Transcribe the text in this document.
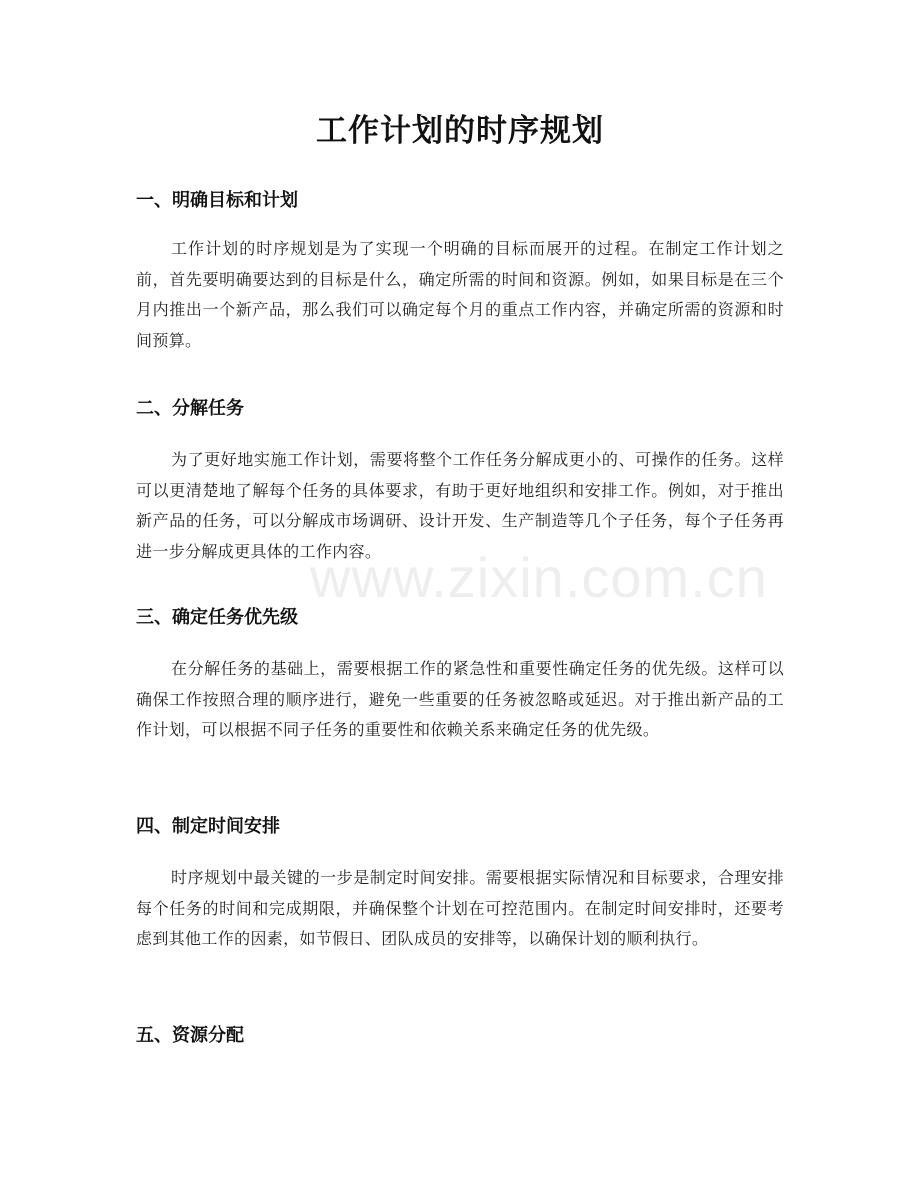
工作计划的时序规划
一、明确目标和计划
工作计划的时序规划是为了实现一个明确的目标而展开的过程。在制定工作计划之前，首先要明确要达到的目标是什么，确定所需的时间和资源。例如，如果目标是在三个月内推出一个新产品，那么我们可以确定每个月的重点工作内容，并确定所需的资源和时间预算。
二、分解任务
为了更好地实施工作计划，需要将整个工作任务分解成更小的、可操作的任务。这样可以更清楚地了解每个任务的具体要求，有助于更好地组织和安排工作。例如，对于推出新产品的任务，可以分解成市场调研、设计开发、生产制造等几个子任务，每个子任务再进一步分解成更具体的工作内容。
三、确定任务优先级
在分解任务的基础上，需要根据工作的紧急性和重要性确定任务的优先级。这样可以确保工作按照合理的顺序进行，避免一些重要的任务被忽略或延迟。对于推出新产品的工作计划，可以根据不同子任务的重要性和依赖关系来确定任务的优先级。
四、制定时间安排
时序规划中最关键的一步是制定时间安排。需要根据实际情况和目标要求，合理安排每个任务的时间和完成期限，并确保整个计划在可控范围内。在制定时间安排时，还要考虑到其他工作的因素，如节假日、团队成员的安排等，以确保计划的顺利执行。
五、资源分配
www.zixin.com.cn
